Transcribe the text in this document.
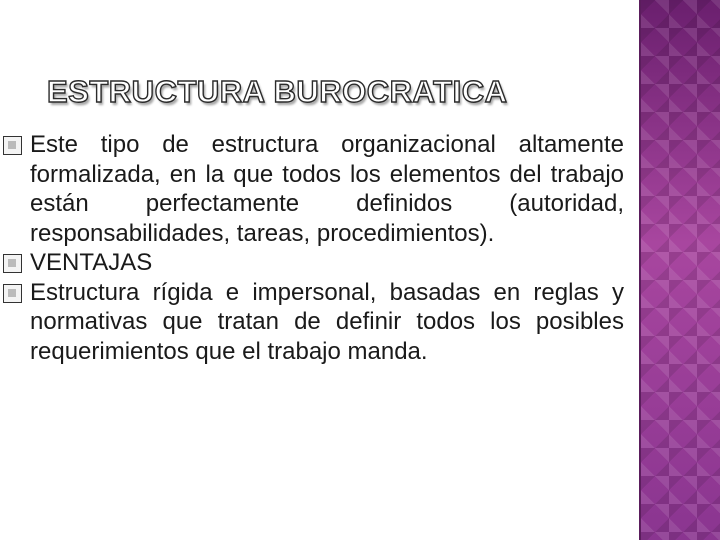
ESTRUCTURA BUROCRATICA
Este tipo de estructura organizacional altamente formalizada, en la que todos los elementos del trabajo están perfectamente definidos (autoridad, responsabilidades, tareas, procedimientos).
VENTAJAS
Estructura rígida e impersonal, basadas en reglas y normativas que tratan de definir todos los posibles requerimientos que el trabajo manda.
